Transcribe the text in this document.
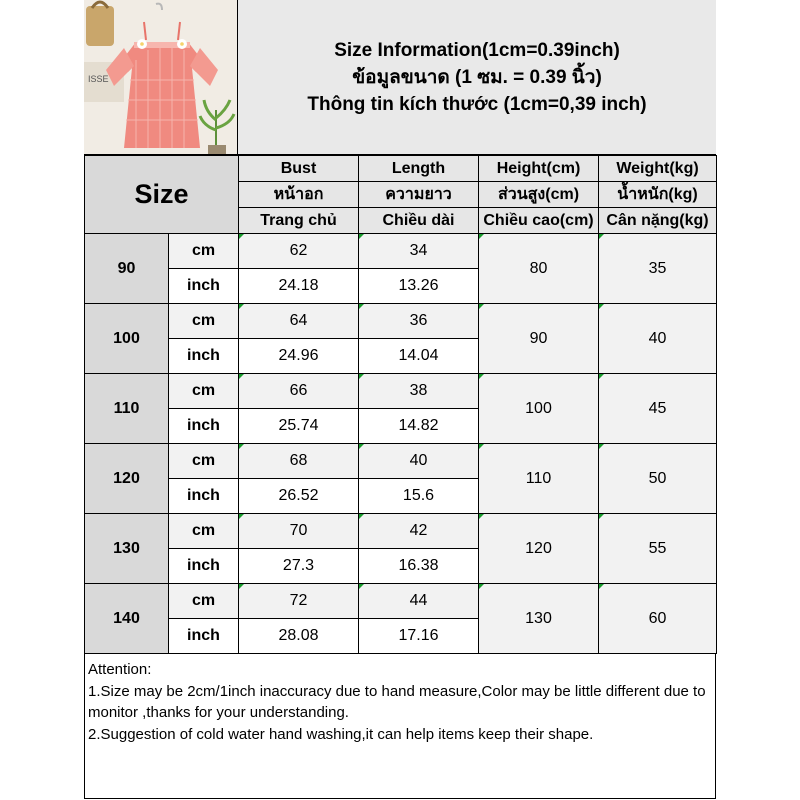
ISSE
Size Information(1cm=0.39inch)
ข้อมูลขนาด (1 ซม. = 0.39 นิ้ว)
Thông tin kích thước (1cm=0,39 inch)
Size		Bust	Length	Height(cm)	Weight(kg)
		หน้าอก	ความยาว	ส่วนสูง(cm)	น้ำหนัก(kg)
		Trang chủ	Chiều dài	Chiều cao(cm)	Cân nặng(kg)
90	cm	62	34	80	35
	inch	24.18	13.26		
100	cm	64	36	90	40
	inch	24.96	14.04		
110	cm	66	38	100	45
	inch	25.74	14.82		
120	cm	68	40	110	50
	inch	26.52	15.6		
130	cm	70	42	120	55
	inch	27.3	16.38		
140	cm	72	44	130	60
	inch	28.08	17.16		

Attention:

1.Size may be 2cm/1inch inaccuracy due to hand measure,Color may be little different due to monitor ,thanks for your understanding.

2.Suggestion of cold water hand washing,it can help items keep their shape.
